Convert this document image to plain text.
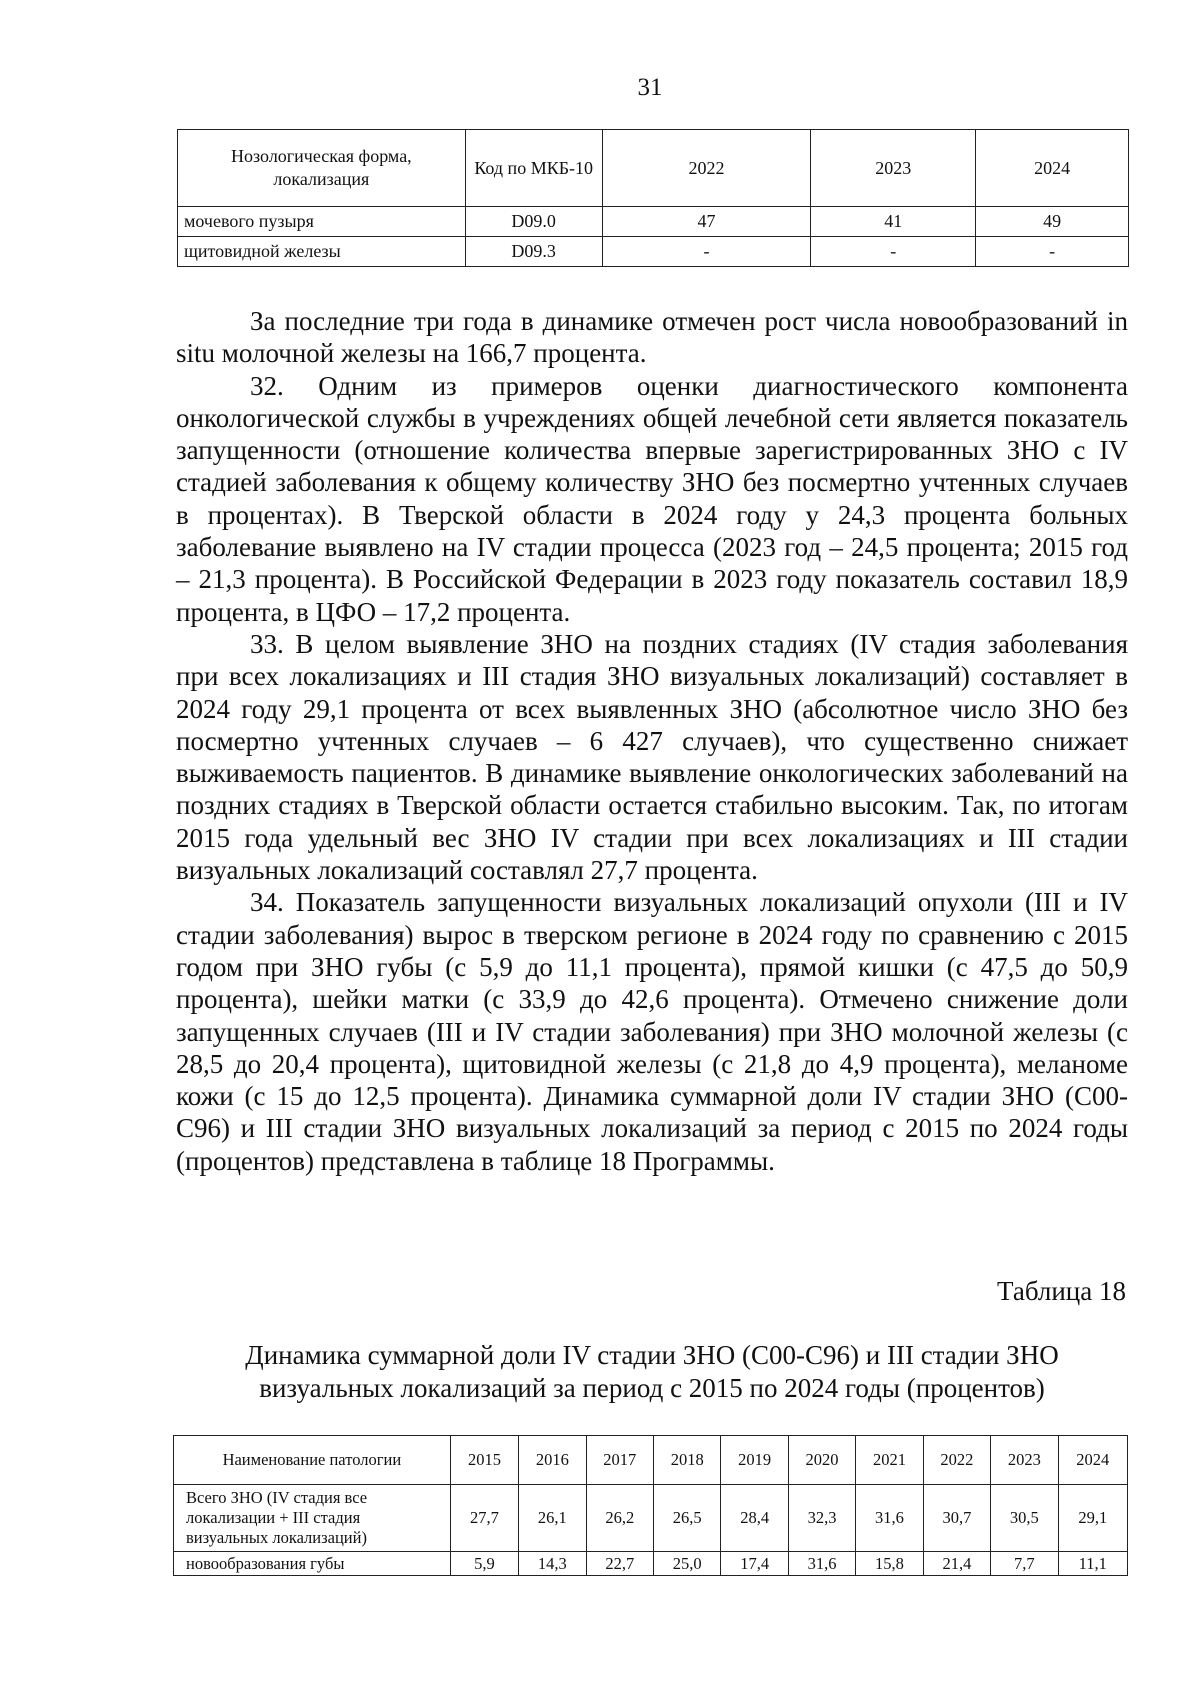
31
Нозологическая форма, локализация	Код по МКБ-10	2022	2023	2024
мочевого пузыря	D09.0	47	41	49
щитовидной железы	D09.3	-	-	-

За последние три года в динамике отмечен рост числа новообразований in situ молочной железы на 166,7 процента.

32. Одним из примеров оценки диагностического компонента онкологической службы в учреждениях общей лечебной сети является показатель запущенности (отношение количества впервые зарегистрированных ЗНО с IV стадией заболевания к общему количеству ЗНО без посмертно учтенных случаев в процентах). В Тверской области в 2024 году у 24,3 процента больных заболевание выявлено на IV стадии процесса (2023 год – 24,5 процента; 2015 год – 21,3 процента). В Российской Федерации в 2023 году показатель составил 18,9 процента, в ЦФО – 17,2 процента.

33. В целом выявление ЗНО на поздних стадиях (IV стадия заболевания при всех локализациях и III стадия ЗНО визуальных локализаций) составляет в 2024 году 29,1 процента от всех выявленных ЗНО (абсолютное число ЗНО без посмертно учтенных случаев – 6 427 случаев), что существенно снижает выживаемость пациентов. В динамике выявление онкологических заболеваний на поздних стадиях в Тверской области остается стабильно высоким. Так, по итогам 2015 года удельный вес ЗНО IV стадии при всех локализациях и III стадии визуальных локализаций составлял 27,7 процента.

34. Показатель запущенности визуальных локализаций опухоли (III и IV стадии заболевания) вырос в тверском регионе в 2024 году по сравнению с 2015 годом при ЗНО губы (с 5,9 до 11,1 процента), прямой кишки (с 47,5 до 50,9 процента), шейки матки (с 33,9 до 42,6 процента). Отмечено снижение доли запущенных случаев (III и IV стадии заболевания) при ЗНО молочной железы (с 28,5 до 20,4 процента), щитовидной железы (с 21,8 до 4,9 процента), меланоме кожи (с 15 до 12,5 процента). Динамика суммарной доли IV стадии ЗНО (С00-С96) и III стадии ЗНО визуальных локализаций за период с 2015 по 2024 годы (процентов) представлена в таблице 18 Программы.

Таблица 18
Динамика суммарной доли IV стадии ЗНО (С00-С96) и III стадии ЗНО визуальных локализаций за период с 2015 по 2024 годы (процентов)
Наименование патологии	2015	2016	2017	2018	2019	2020	2021	2022	2023	2024
Всего ЗНО (IV стадия все локализации + III стадия визуальных локализаций)	27,7	26,1	26,2	26,5	28,4	32,3	31,6	30,7	30,5	29,1
новообразования губы	5,9	14,3	22,7	25,0	17,4	31,6	15,8	21,4	7,7	11,1
